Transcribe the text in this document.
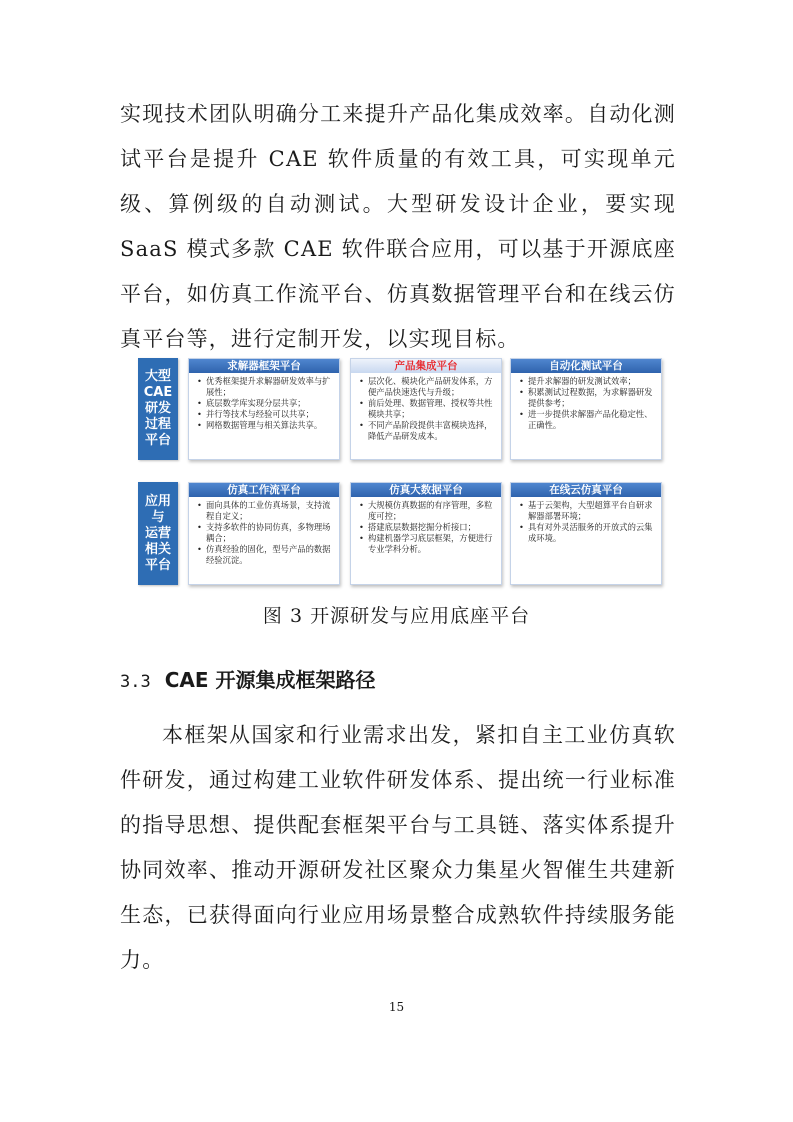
实现技术团队明确分工来提升产品化集成效率。自动化测试平台是提升 CAE 软件质量的有效工具，可实现单元级、算例级的自动测试。大型研发设计企业，要实现 SaaS 模式多款 CAE 软件联合应用，可以基于开源底座平台，如仿真工作流平台、仿真数据管理平台和在线云仿真平台等，进行定制开发，以实现目标。

大型
CAE
研发
过程
平台
应用
与
运营
相关
平台
求解器框架平台
• 优秀框架提升求解器研发效率与扩展性；
• 底层数学库实现分层共享；
• 并行等技术与经验可以共享；
• 网格数据管理与相关算法共享。
产品集成平台
• 层次化、模块化产品研发体系，方便产品快速迭代与升级；
• 前后处理、数据管理、授权等共性模块共享；
• 不同产品阶段提供丰富模块选择，降低产品研发成本。
自动化测试平台
• 提升求解器的研发测试效率；
• 积累测试过程数据，为求解器研发提供参考；
• 进一步提供求解器产品化稳定性、正确性。
仿真工作流平台
• 面向具体的工业仿真场景，支持流程自定义；
• 支持多软件的协同仿真，多物理场耦合；
• 仿真经验的固化，型号产品的数据经验沉淀。
仿真大数据平台
• 大规模仿真数据的有序管理，多粒度可控；
• 搭建底层数据挖掘分析接口；
• 构建机器学习底层框架，方便进行专业学科分析。
在线云仿真平台
• 基于云架构，大型超算平台自研求解器部署环境；
• 具有对外灵活服务的开放式的云集成环境。

图 3 开源研发与应用底座平台

3.3 CAE 开源集成框架路径

本框架从国家和行业需求出发，紧扣自主工业仿真软件研发，通过构建工业软件研发体系、提出统一行业标准的指导思想、提供配套框架平台与工具链、落实体系提升协同效率、推动开源研发社区聚众力集星火智催生共建新生态，已获得面向行业应用场景整合成熟软件持续服务能力。

15
